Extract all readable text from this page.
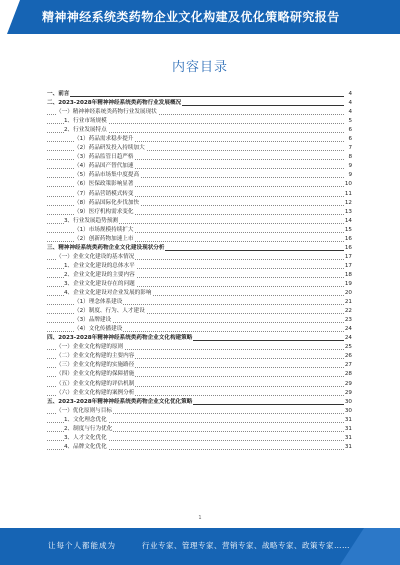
精神神经系统类药物企业文化构建及优化策略研究报告
内容目录
一、前言	4
二、2023-2028年精神神经系统类药物行业发展概况	4
（一）精神神经系统类药物行业发展现状	4
1、行业市场规模	5
2、行业发展特点	6
（1）药品需求稳步提升	6
（2）药品研发投入持续加大	7
（3）药品监管日趋严格	8
（4）药品国产替代加速	9
（5）药品市场集中度提高	9
（6）医保政策影响显著	10
（7）药品营销模式转变	11
（8）药品国际化步伐加快	12
（9）医疗机构需求变化	13
3、行业发展趋势预测	14
（1）市场规模持续扩大	15
（2）创新药物加速上市	16
三、精神神经系统类药物企业文化建设现状分析	16
（一）企业文化建设的基本情况	17
1、企业文化建设的总体水平	17
2、企业文化建设的主要内容	18
3、企业文化建设存在的问题	19
4、企业文化建设对企业发展的影响	20
（1）理念体系建设	21
（2）制度、行为、人才建设	22
（3）品牌建设	23
（4）文化传播建设	24
四、2023-2028年精神神经系统类药物企业文化构建策略	24
（一）企业文化构建的原则	25
（二）企业文化构建的主要内容	26
（三）企业文化构建的实施路径	27
（四）企业文化构建的保障措施	28
（五）企业文化构建的评估机制	29
（六）企业文化构建的案例分析	29
五、2023-2028年精神神经系统类药物企业文化优化策略	30
（一）优化原则与目标	30
1、文化理念优化	31
2、制度与行为优化	31
3、人才文化优化	31
4、品牌文化优化	31
1
让每个人都能成为	行业专家、管理专家、营销专家、战略专家、政策专家……
